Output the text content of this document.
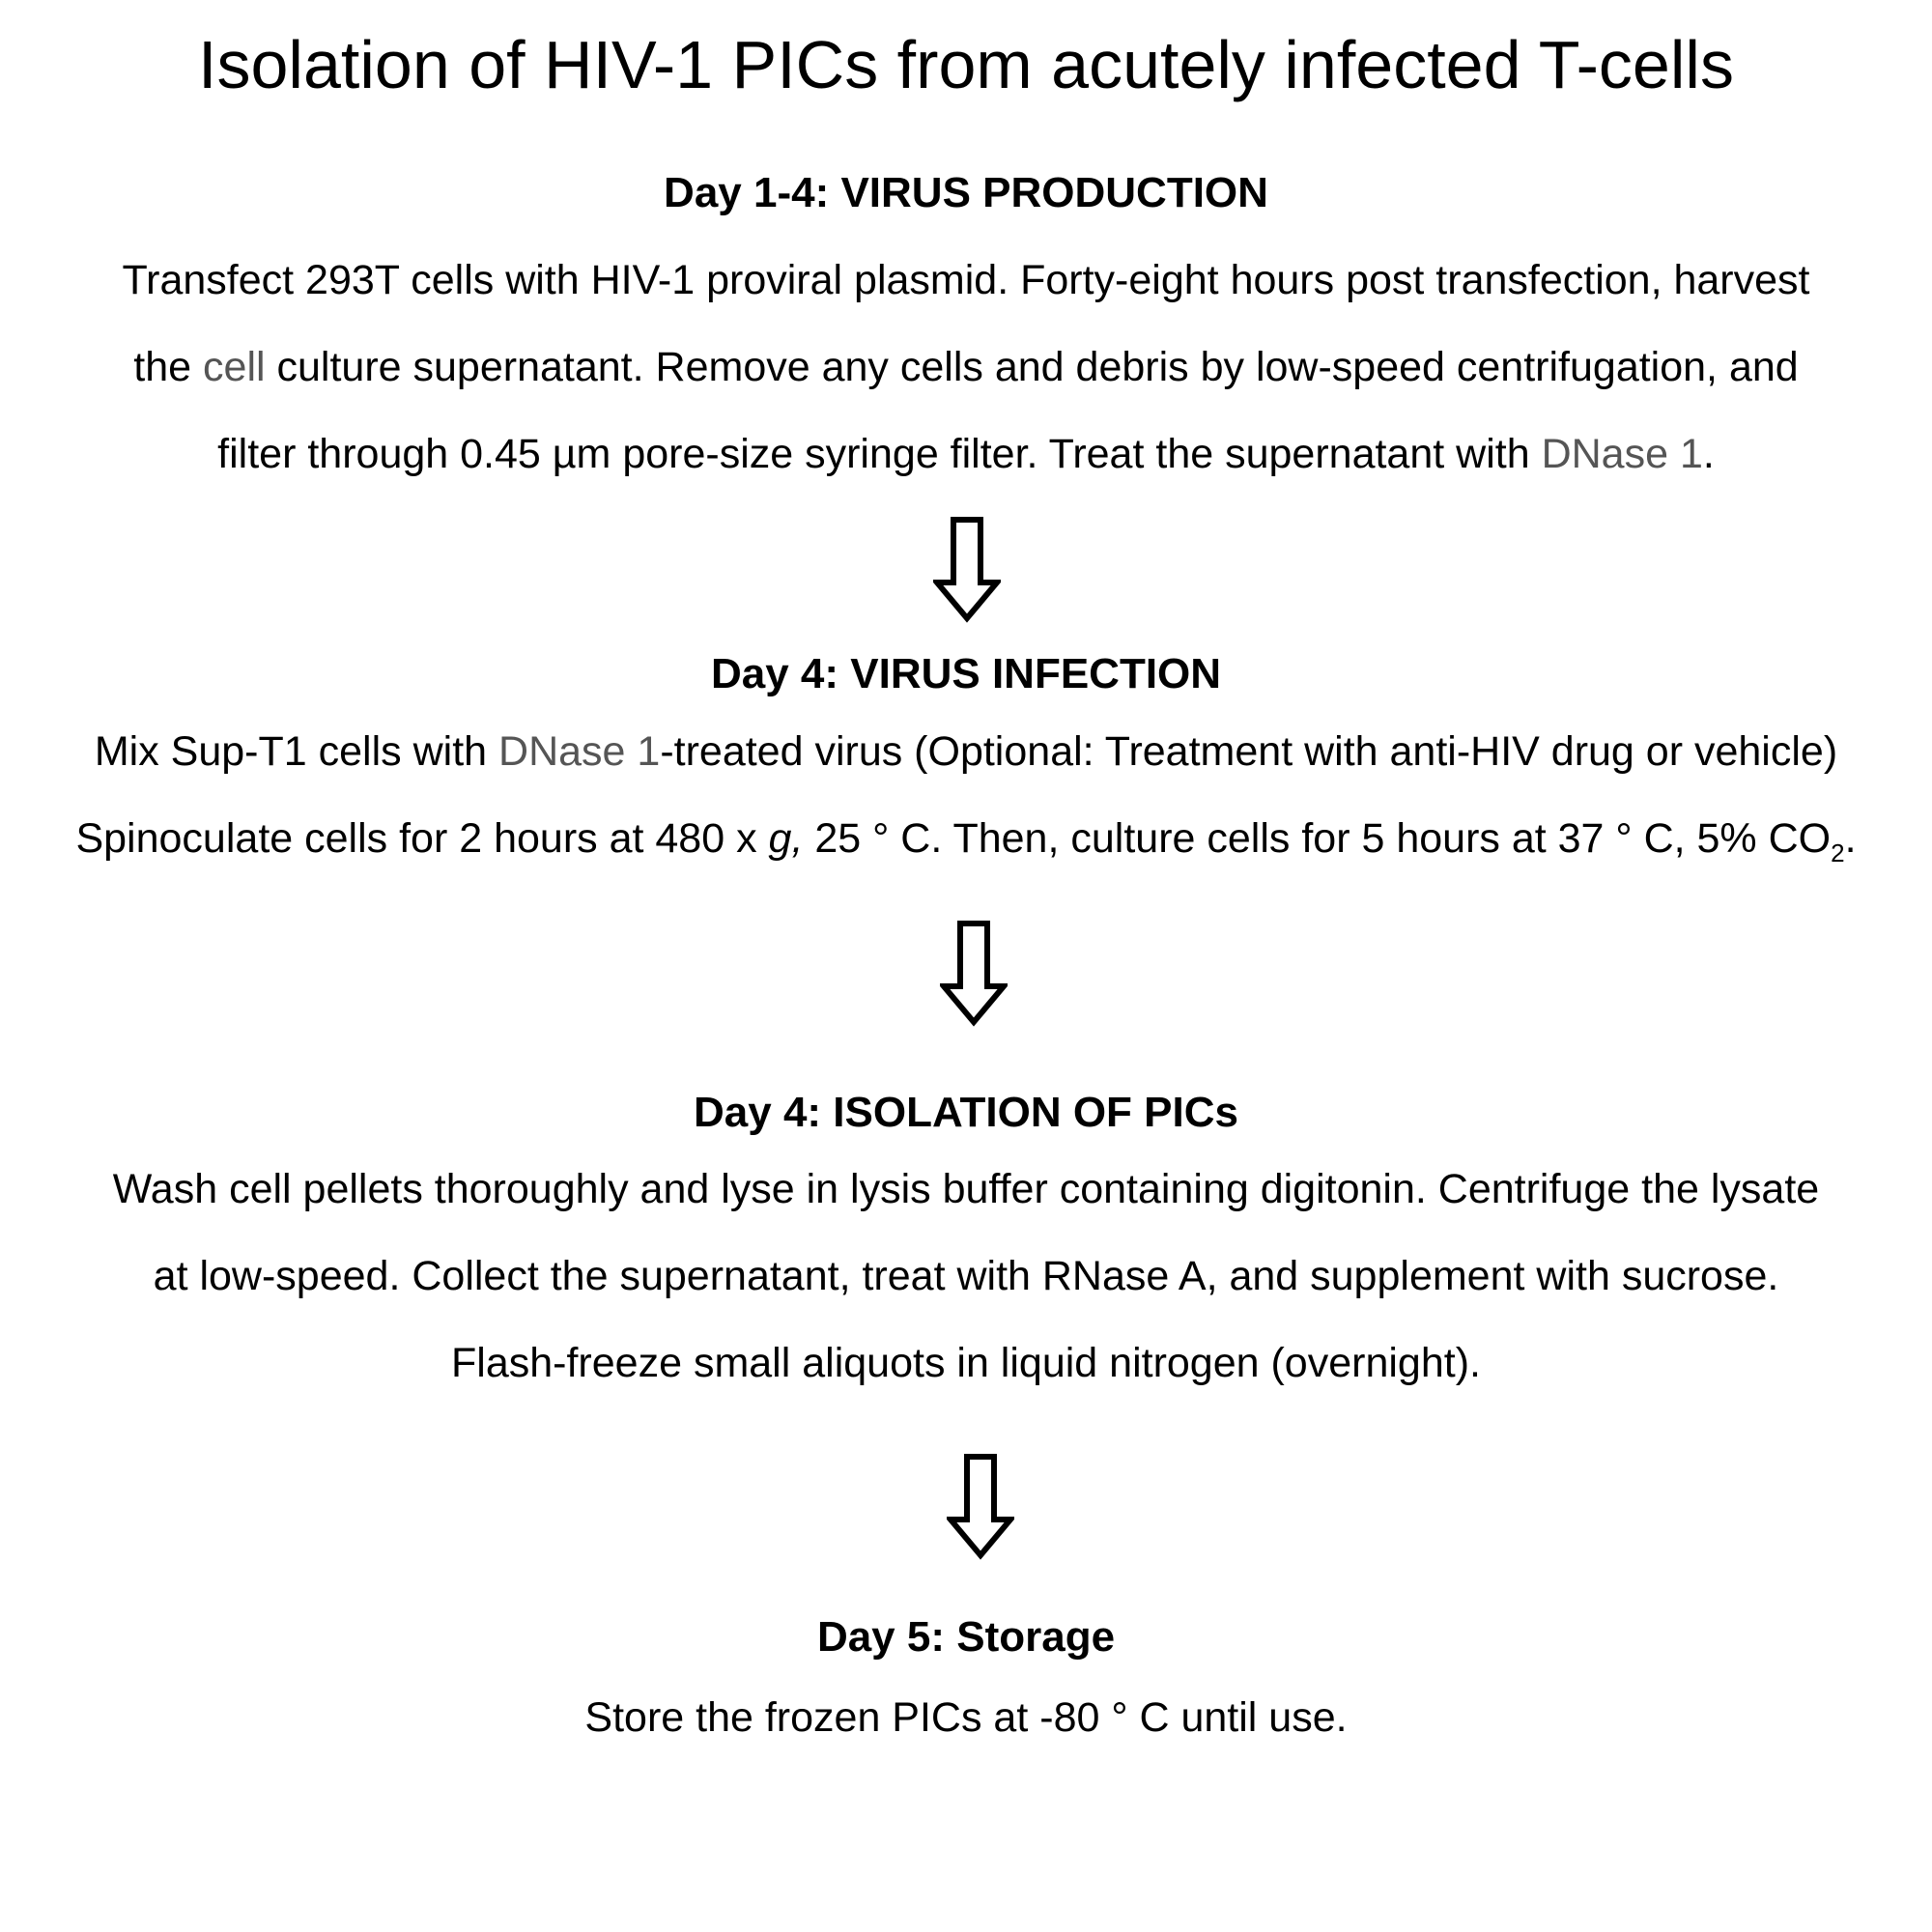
Isolation of HIV-1 PICs from acutely infected T-cells
Day 1-4: VIRUS PRODUCTION
Transfect 293T cells with HIV-1 proviral plasmid. Forty-eight hours post transfection, harvest
the cell culture supernatant. Remove any cells and debris by low-speed centrifugation, and
filter through 0.45 µm pore-size syringe filter. Treat the supernatant with DNase 1.
Day 4: VIRUS INFECTION
Mix Sup-T1 cells with DNase 1-treated virus (Optional: Treatment with anti-HIV drug or vehicle)
Spinoculate cells for 2 hours at 480 x g, 25 ° C. Then, culture cells for 5 hours at 37 ° C, 5% $CO_2$.
Day 4: ISOLATION OF PICs
Wash cell pellets thoroughly and lyse in lysis buffer containing digitonin. Centrifuge the lysate
at low-speed. Collect the supernatant, treat with RNase A, and supplement with sucrose.
Flash-freeze small aliquots in liquid nitrogen (overnight).
Day 5: Storage
Store the frozen PICs at -80 ° C until use.
